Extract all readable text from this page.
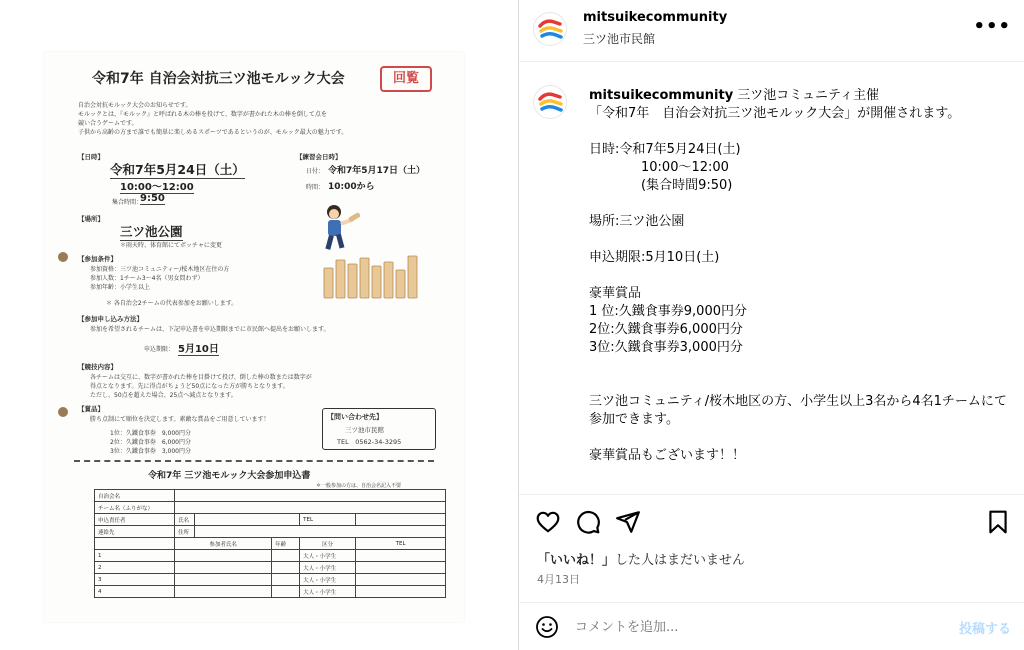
令和7年 自治会対抗三ツ池モルック大会	回覧
自治会対抗モルック大会のお知らせです。
モルックとは、『モルック』と呼ばれる木の棒を投げて、数字が書かれた木の棒を倒して点を
競い合うゲームです。
子供から高齢の方まで誰でも簡単に楽しめるスポーツであるというのが、モルック最大の魅力です。
【日時】
令和7年5月24日（土）
10:00～12:00
集合時間：
9:50
【練習会日時】
日付： 令和7年5月17日（土）
時間： 10:00から
【場所】
三ツ池公園
＊雨天時、体育館にてボッチャに変更
【参加条件】
参加資格：三ツ池コミュニティー/桜木地区在住の方
参加人数：1チーム3～4名（男女問わず）
参加年齢：小学生以上
＊ 各自治会2チームの代表参加をお願いします。
【参加申し込み方法】
参加を希望されるチームは、下記申込書を申込期限までに市民館へ提出をお願いします。
申込期限： 5月10日
【競技内容】
各チームは交互に、数字が書かれた棒を目掛けて投げ、倒した棒の数または数字が
得点となります。先に得点がちょうど50点になった方が勝ちとなります。
ただし、50点を超えた場合、25点へ減点となります。
【賞品】
勝ち点制にて順位を決定します。素敵な賞品をご用意しています！
1位：久鐵食事券　9,000円分
2位：久鐵食事券　6,000円分
3位：久鐵食事券　3,000円分
【問い合わせ先】
三ツ池市民館
TEL　0562-34-3295
令和7年 三ツ池モルック大会参加申込書
＊一般参加の方は、自治会名記入不要
自治会名					
チーム名（ふりがな）					
申込責任者	氏名			TEL	
連絡先	住所				
	参加者氏名		年齢	区分	TEL
1				大人・小学生	
2				大人・小学生	
3				大人・小学生	
4				大人・小学生	
mitsuikecommunity
三ツ池市民館
•••
mitsuikecommunity 三ツ池コミュニティ主催
「令和7年　自治会対抗三ツ池モルック大会」が開催されます。
日時:令和7年5月24日(土)
　　　　10:00～12:00
　　　　(集合時間9:50)
場所:三ツ池公園
申込期限:5月10日(土)
豪華賞品
1 位:久鐵食事券9,000円分
2位:久鐵食事券6,000円分
3位:久鐵食事券3,000円分
三ツ池コミュニティ/桜木地区の方、小学生以上3名から4名1チームにて参加できます。
豪華賞品もございます！！
「いいね！」した人はまだいません
4月13日
コメントを追加...
投稿する
